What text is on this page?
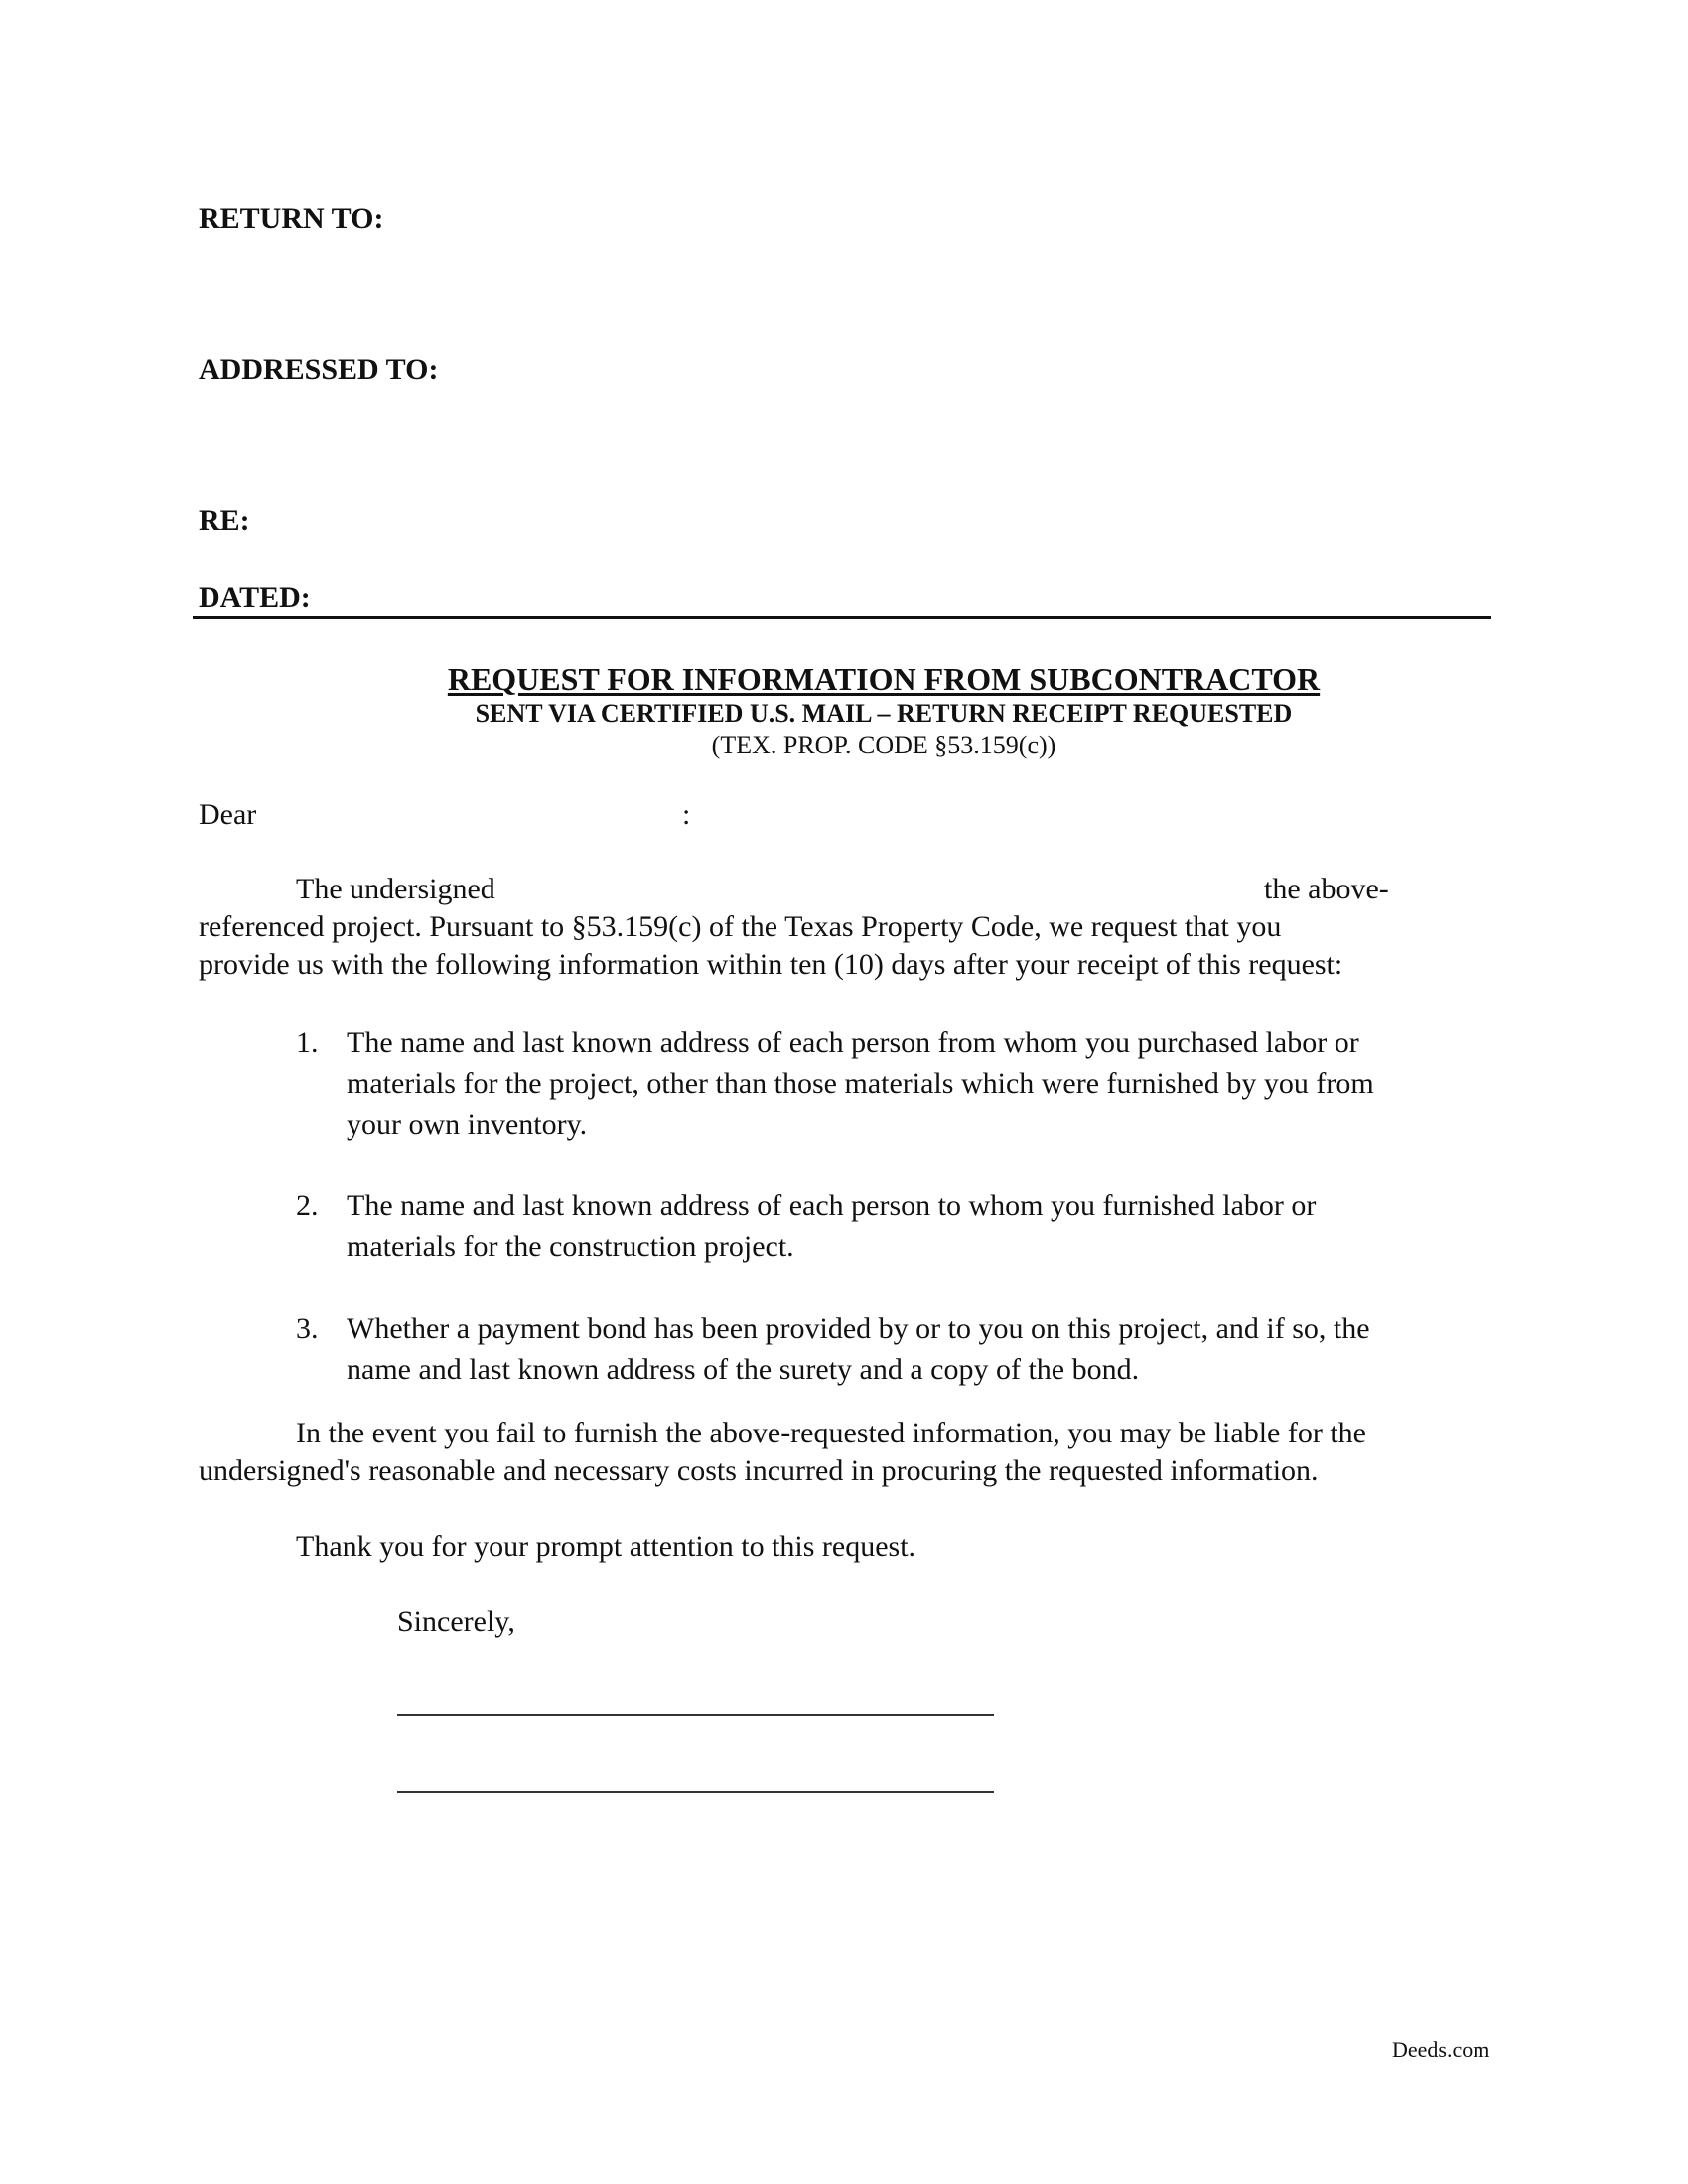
RETURN TO:
ADDRESSED TO:
RE:
DATED:
REQUEST FOR INFORMATION FROM SUBCONTRACTOR
SENT VIA CERTIFIED U.S. MAIL – RETURN RECEIPT REQUESTED
(TEX. PROP. CODE §53.159(c))
Dear	:
The undersigned	the above-
referenced project. Pursuant to §53.159(c) of the Texas Property Code, we request that you
provide us with the following information within ten (10) days after your receipt of this request:
1. The name and last known address of each person from whom you purchased labor or
materials for the project, other than those materials which were furnished by you from
your own inventory.
2. The name and last known address of each person to whom you furnished labor or
materials for the construction project.
3. Whether a payment bond has been provided by or to you on this project, and if so, the
name and last known address of the surety and a copy of the bond.
In the event you fail to furnish the above-requested information, you may be liable for the
undersigned's reasonable and necessary costs incurred in procuring the requested information.
Thank you for your prompt attention to this request.
Sincerely,
Deeds.com
